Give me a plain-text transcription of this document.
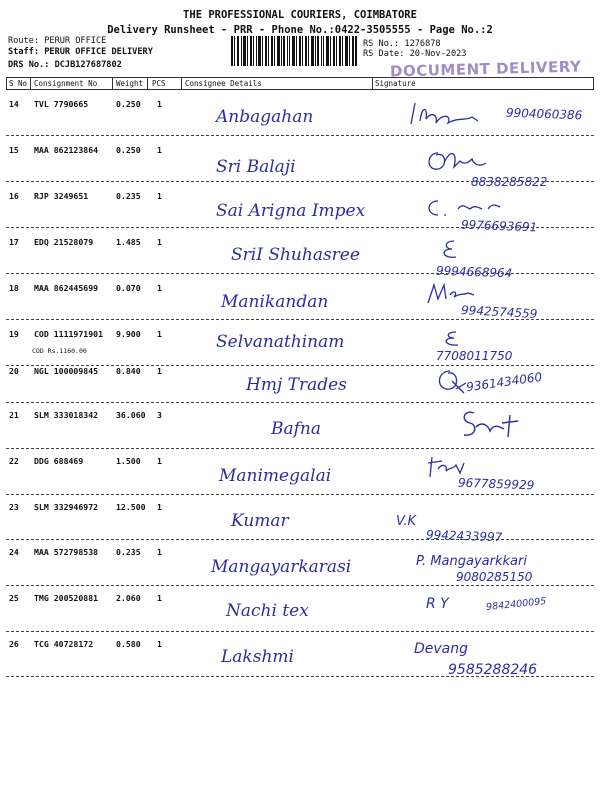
THE PROFESSIONAL COURIERS, COIMBATORE
Delivery Runsheet - PRR - Phone No.:0422-3505555 - Page No.:2
Route: PERUR OFFICE
Staff: PERUR OFFICE DELIVERY
DRS No.: DCJB127687802
RS No.: 1276878
RS Date: 20-Nov-2023
DOCUMENT DELIVERY
S No Consignment No	Weight PCS	Consignee Details	Signature
14 TVL 7790665	0.250 1
Anbagahan	9904060386
15 MAA 862123864 0.250 1
Sri Balaji
8838285822
16 RJP 3249651	0.235 1
Sai Arigna Impex
9976693691
17 EDQ 21528079	1.485 1
SriI Shuhasree
9994668964
18 MAA 862445699 0.070 1
Manikandan	9942574559
19 COD 1111971901 9.900 1
COD Rs.1160.00	Selvanathinam
7708011750
20 NGL 100009845 0.840 1
Hmj Trades	9361434060
21 SLM 333018342 36.060 3
Bafna
22 DDG 688469	1.500 1
Manimegalai	9677859929
23 SLM 332946972 12.500 1
Kumar	V.K
9942433997
24 MAA 572798538 0.235 1
Mangayarkarasi	P. Mangayarkkari
9080285150
25 TMG 200520881 2.060 1
Nachi tex	R Y	9842400095
26 TCG 40728172	0.580 1
Lakshmi	Devang
9585288246
